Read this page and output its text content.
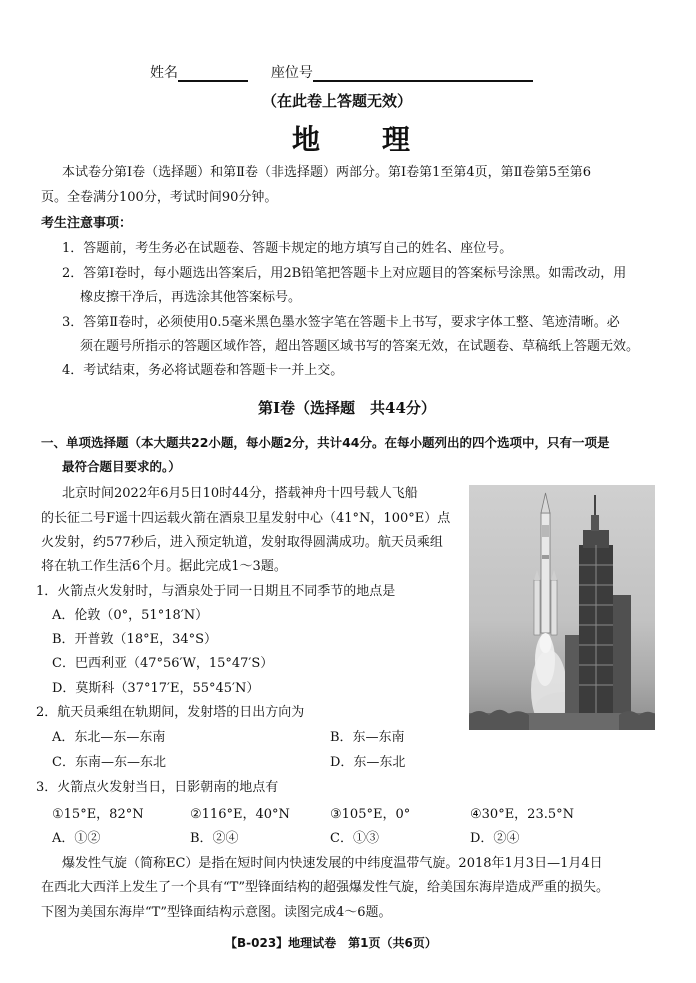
姓名	座位号
（在此卷上答题无效）
地　　理
本试卷分第Ⅰ卷（选择题）和第Ⅱ卷（非选择题）两部分。第Ⅰ卷第1至第4页，第Ⅱ卷第5至第6
页。全卷满分100分，考试时间90分钟。
考生注意事项：
1．答题前，考生务必在试题卷、答题卡规定的地方填写自己的姓名、座位号。
2．答第Ⅰ卷时，每小题选出答案后，用2B铅笔把答题卡上对应题目的答案标号涂黑。如需改动，用
橡皮擦干净后，再选涂其他答案标号。
3．答第Ⅱ卷时，必须使用0.5毫米黑色墨水签字笔在答题卡上书写，要求字体工整、笔迹清晰。必
须在题号所指示的答题区域作答，超出答题区域书写的答案无效，在试题卷、草稿纸上答题无效。
4．考试结束，务必将试题卷和答题卡一并上交。
第Ⅰ卷（选择题　共44分）
一、单项选择题（本大题共22小题，每小题2分，共计44分。在每小题列出的四个选项中，只有一项是
最符合题目要求的。）
北京时间2022年6月5日10时44分，搭载神舟十四号载人飞船
的长征二号F遥十四运载火箭在酒泉卫星发射中心（41°N，100°E）点
火发射，约577秒后，进入预定轨道，发射取得圆满成功。航天员乘组
将在轨工作生活6个月。据此完成1～3题。
1．火箭点火发射时，与酒泉处于同一日期且不同季节的地点是
A．伦敦（0°，51°18′N）
B．开普敦（18°E，34°S）
C．巴西利亚（47°56′W，15°47′S）
D．莫斯科（37°17′E，55°45′N）
2．航天员乘组在轨期间，发射塔的日出方向为
A．东北—东—东南	B．东—东南
C．东南—东—东北	D．东—东北
3．火箭点火发射当日，日影朝南的地点有
①15°E，82°N	②116°E，40°N	③105°E，0°	④30°E，23.5°N
A．①②	B．②④	C．①③	D．②④
爆发性气旋（简称EC）是指在短时间内快速发展的中纬度温带气旋。2018年1月3日—1月4日
在西北大西洋上发生了一个具有“T”型锋面结构的超强爆发性气旋，给美国东海岸造成严重的损失。
下图为美国东海岸“T”型锋面结构示意图。读图完成4～6题。
【B-023】地理试卷　第1页（共6页）
